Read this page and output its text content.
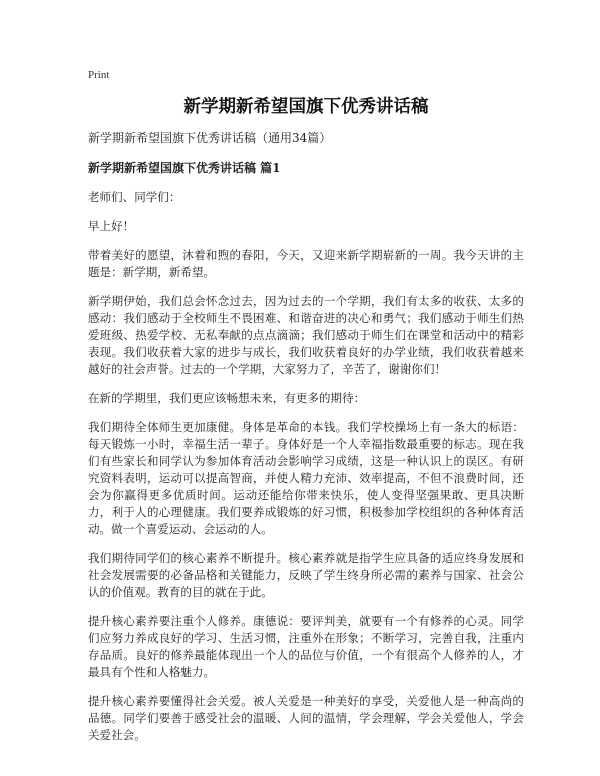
Print
新学期新希望国旗下优秀讲话稿
新学期新希望国旗下优秀讲话稿（通用34篇）
新学期新希望国旗下优秀讲话稿 篇1

老师们、同学们：

早上好！

带着美好的愿望，沐着和煦的春阳，今天，又迎来新学期崭新的一周。我今天讲的主题是：新学期，新希望。

新学期伊始，我们总会怀念过去，因为过去的一个学期，我们有太多的收获、太多的感动：我们感动于全校师生不畏困难、和谐奋进的决心和勇气；我们感动于师生们热爱班级、热爱学校、无私奉献的点点滴滴；我们感动于师生们在课堂和活动中的精彩表现。我们收获着大家的进步与成长，我们收获着良好的办学业绩，我们收获着越来越好的社会声誉。过去的一个学期，大家努力了，辛苦了，谢谢你们！

在新的学期里，我们更应该畅想未来，有更多的期待：

我们期待全体师生更加康健。身体是革命的本钱。我们学校操场上有一条大的标语：每天锻炼一小时，幸福生活一辈子。身体好是一个人幸福指数最重要的标志。现在我们有些家长和同学认为参加体育活动会影响学习成绩，这是一种认识上的误区。有研究资料表明，运动可以提高智商，并使人精力充沛、效率提高，不但不浪费时间，还会为你赢得更多优质时间。运动还能给你带来快乐，使人变得坚强果敢、更具决断力，利于人的心理健康。我们要养成锻炼的好习惯，积极参加学校组织的各种体育活动。做一个喜爱运动、会运动的人。

我们期待同学们的核心素养不断提升。核心素养就是指学生应具备的适应终身发展和社会发展需要的必备品格和关键能力，反映了学生终身所必需的素养与国家、社会公认的价值观。教育的目的就在于此。

提升核心素养要注重个人修养。康德说：要评判美，就要有一个有修养的心灵。同学们应努力养成良好的学习、生活习惯，注重外在形象；不断学习，完善自我，注重内存品质。良好的修养最能体现出一个人的品位与价值，一个有很高个人修养的人，才最具有个性和人格魅力。

提升核心素养要懂得社会关爱。被人关爱是一种美好的享受，关爱他人是一种高尚的品德。同学们要善于感受社会的温暖、人间的温情，学会理解，学会关爱他人，学会关爱社会。
